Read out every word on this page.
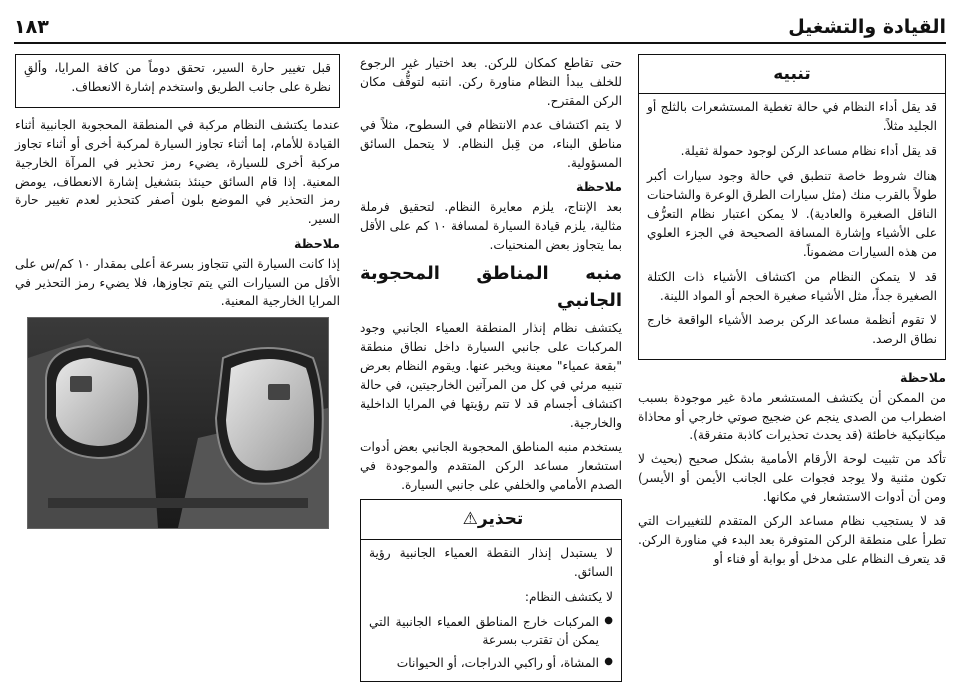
القيادة والتشغيل
١٨٣
تنبيه

قد يقل أداء النظام في حالة تغطية المستشعرات بالثلج أو الجليد مثلاً.

قد يقل أداء نظام مساعد الركن لوجود حمولة ثقيلة.

هناك شروط خاصة تنطبق في حالة وجود سيارات أكبر طولاً بالقرب منك (مثل سيارات الطرق الوعرة والشاحنات الناقل الصغيرة والعادية). لا يمكن اعتبار نظام التعرُّف على الأشياء وإشارة المسافة الصحيحة في الجزء العلوي من هذه السيارات مضموناً.

قد لا يتمكن النظام من اكتشاف الأشياء ذات الكتلة الصغيرة جداً، مثل الأشياء صغيرة الحجم أو المواد اللينة.

لا تقوم أنظمة مساعد الركن برصد الأشياء الواقعة خارج نطاق الرصد.

ملاحظة

من الممكن أن يكتشف المستشعر مادة غير موجودة بسبب اضطراب من الصدى ينجم عن ضجيج صوتي خارجي أو محاذاة ميكانيكية خاطئة (قد يحدث تحذيرات كاذبة متفرقة).

تأكد من تثبيت لوحة الأرقام الأمامية بشكل صحيح (بحيث لا تكون مثنية ولا يوجد فجوات على الجانب الأيمن أو الأيسر) ومن أن أدوات الاستشعار في مكانها.

قد لا يستجيب نظام مساعد الركن المتقدم للتغييرات التي تطرأ على منطقة الركن المتوفرة بعد البدء في مناورة الركن. قد يتعرف النظام على مدخل أو بوابة أو فناء أو

حتى تقاطع كمكان للركن. بعد اختيار غير الرجوع للخلف يبدأ النظام مناورة ركن. انتبه لتوقُّف مكان الركن المقترح.

لا يتم اكتشاف عدم الانتظام في السطوح، مثلاً في مناطق البناء، من قِبل النظام. لا يتحمل السائق المسؤولية.

ملاحظة

بعد الإنتاج، يلزم معايرة النظام. لتحقيق فرملة مثالية، يلزم قيادة السيارة لمسافة ١٠ كم على الأقل بما يتجاوز بعض المنحنيات.

منبه المناطق المحجوبة الجانبي

يكتشف نظام إنذار المنطقة العمياء الجانبي وجود المركبات على جانبي السيارة داخل نطاق منطقة "بقعة عمياء" معينة ويخبر عنها. ويقوم النظام بعرض تنبيه مرئي في كل من المرآتين الخارجيتين، في حالة اكتشاف أجسام قد لا تتم رؤيتها في المرايا الداخلية والخارجية.

يستخدم منبه المناطق المحجوبة الجانبي بعض أدوات استشعار مساعد الركن المتقدم والموجودة في الصدم الأمامي والخلفي على جانبي السيارة.

تحذير⚠

لا يستبدل إنذار النقطة العمياء الجانبية رؤية السائق.

لا يكتشف النظام:

● المركبات خارج المناطق العمياء الجانبية التي يمكن أن تقترب بسرعة
● المشاة، أو راكبي الدراجات، أو الحيوانات

قبل تغيير حارة السير، تحقق دوماً من كافة المرايا، وألقِ نظرة على جانب الطريق واستخدم إشارة الانعطاف.

عندما يكتشف النظام مركبة في المنطقة المحجوبة الجانبية أثناء القيادة للأمام، إما أثناء تجاوز السيارة لمركبة أخرى أو أثناء تجاوز مركبة أخرى للسيارة، يضيء رمز تحذير في المرآة الخارجية المعنية. إذا قام السائق حينئذ بتشغيل إشارة الانعطاف، يومض رمز التحذير في الموضع بلون أصفر كتحذير لعدم تغيير حارة السير.

ملاحظة

إذا كانت السيارة التي تتجاوز بسرعة أعلى بمقدار ١٠ كم/س على الأقل من السيارات التي يتم تجاوزها، فلا يضيء رمز التحذير في المرايا الخارجية المعنية.
